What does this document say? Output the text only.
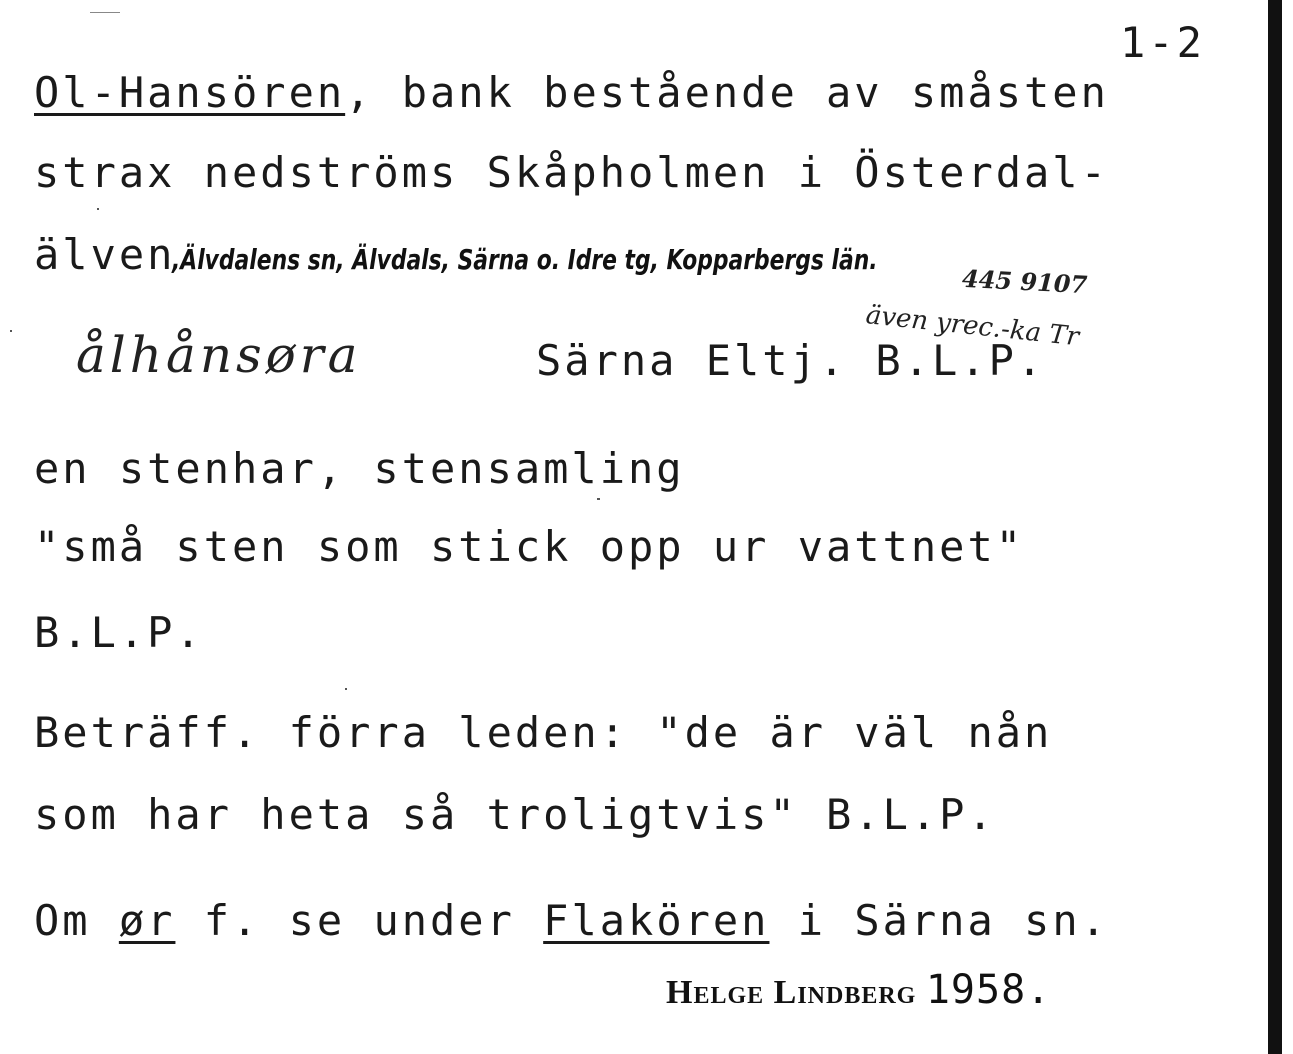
1-2
Ol-Hansören, bank bestående av småsten
strax nedströms Skåpholmen i Österdal-
älven
,Älvdalens sn, Älvdals, Särna o. Idre tg, Kopparbergs län.
445 9107
även yrec.-ka Tr
ålhånsøra	Särna Eltj. B.L.P.
en stenhar, stensamling
"små sten som stick opp ur vattnet"
B.L.P.
Beträff. förra leden: "de är väl nån
som har heta så troligtvis" B.L.P.
Om ør f. se under Flakören i Särna sn.
Helge Lindberg 1958.
